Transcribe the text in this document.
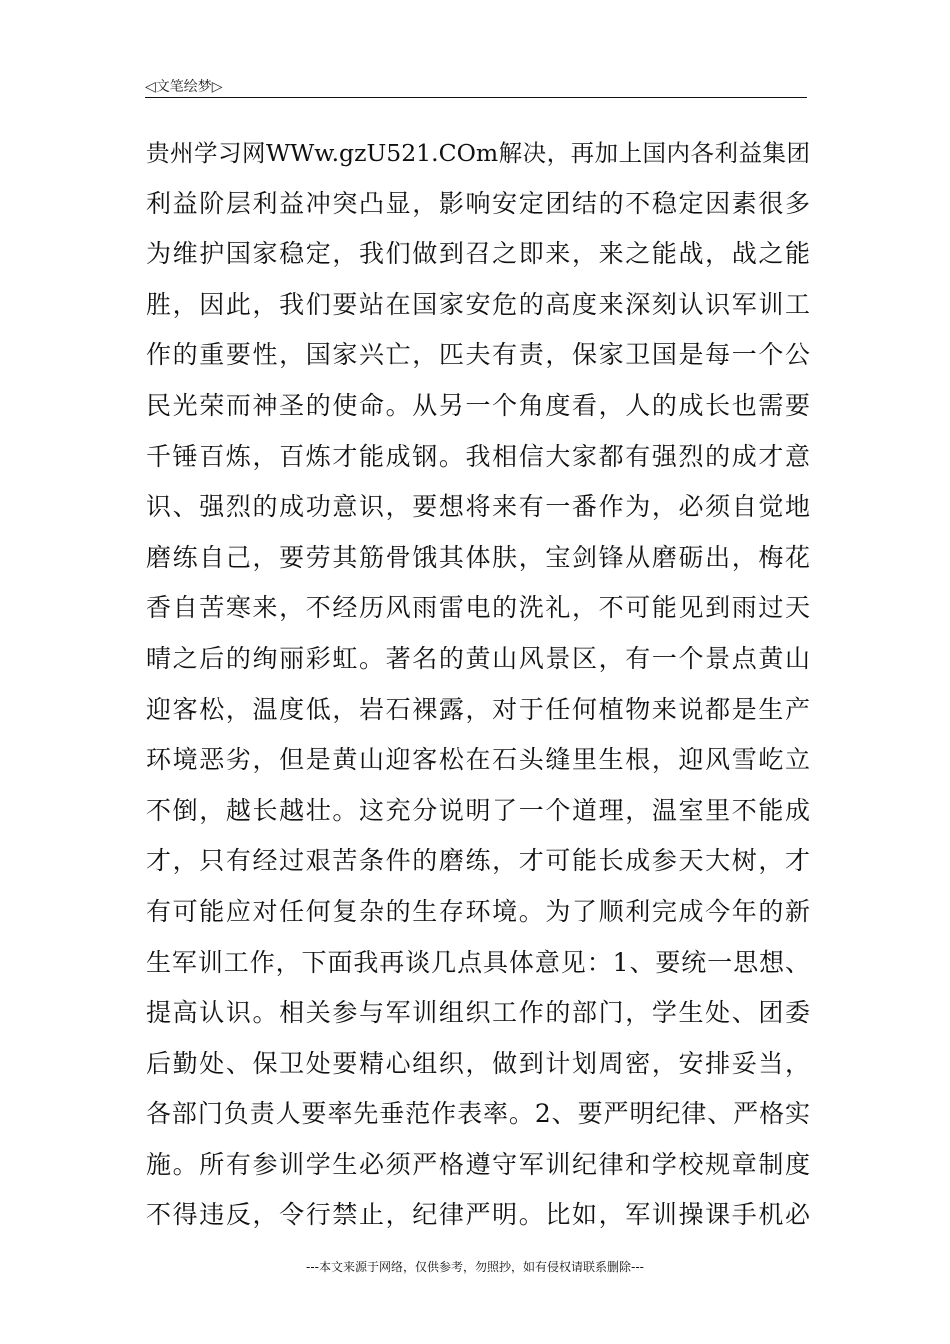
◁文笔绘梦▷
贵州学习网WWw.gzU521.COm解决，再加上国内各利益集团
利益阶层利益冲突凸显，影响安定团结的不稳定因素很多
为维护国家稳定，我们做到召之即来，来之能战，战之能
胜，因此，我们要站在国家安危的高度来深刻认识军训工
作的重要性，国家兴亡，匹夫有责，保家卫国是每一个公
民光荣而神圣的使命。从另一个角度看，人的成长也需要
千锤百炼，百炼才能成钢。我相信大家都有强烈的成才意
识、强烈的成功意识，要想将来有一番作为，必须自觉地
磨练自己，要劳其筋骨饿其体肤，宝剑锋从磨砺出，梅花
香自苦寒来，不经历风雨雷电的洗礼，不可能见到雨过天
晴之后的绚丽彩虹。著名的黄山风景区，有一个景点黄山
迎客松，温度低，岩石裸露，对于任何植物来说都是生产
环境恶劣，但是黄山迎客松在石头缝里生根，迎风雪屹立
不倒，越长越壮。这充分说明了一个道理，温室里不能成
才，只有经过艰苦条件的磨练，才可能长成参天大树，才
有可能应对任何复杂的生存环境。为了顺利完成今年的新
生军训工作，下面我再谈几点具体意见：1、要统一思想、
提高认识。相关参与军训组织工作的部门，学生处、团委
后勤处、保卫处要精心组织，做到计划周密，安排妥当，
各部门负责人要率先垂范作表率。2、要严明纪律、严格实
施。所有参训学生必须严格遵守军训纪律和学校规章制度
不得违反，令行禁止，纪律严明。比如，军训操课手机必
---本文来源于网络，仅供参考，勿照抄，如有侵权请联系删除---
